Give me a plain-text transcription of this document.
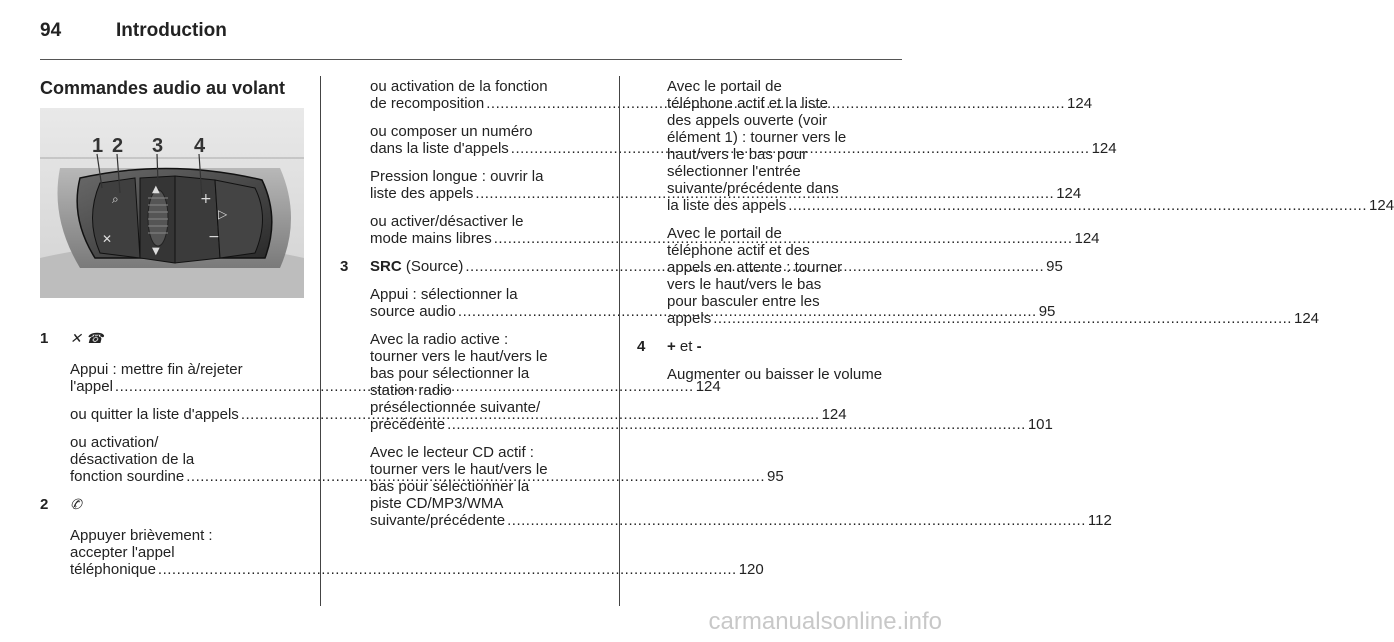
94	Introduction
Commandes audio au volant
⌕
✕
▲
▼
+
−
▷
1 2 3 4
1	✕ ☎
Appui : mettre fin à/rejeter
l'appel .....	124
ou quitter la liste d'appels .....	124
ou activation/
désactivation de la
fonction sourdine .....	95
2	✆
Appuyer brièvement :
accepter l'appel
téléphonique .....	120
ou activation de la fonction
de recomposition .....	124
ou composer un numéro
dans la liste d'appels .....	124
Pression longue : ouvrir la
liste des appels .....	124
ou activer/désactiver le
mode mains libres .....	124
3	SRC (Source) .....	95
Appui : sélectionner la
source audio .....	95
Avec la radio active :
tourner vers le haut/vers le
bas pour sélectionner la
station radio
présélectionnée suivante/
précédente .....	101
Avec le lecteur CD actif :
tourner vers le haut/vers le
bas pour sélectionner la
piste CD/MP3/WMA
suivante/précédente .....	112
Avec le portail de
téléphone actif et la liste
des appels ouverte (voir
élément 1) : tourner vers le
haut/vers le bas pour
sélectionner l'entrée
suivante/précédente dans
la liste des appels .....	124
Avec le portail de
téléphone actif et des
appels en attente : tourner
vers le haut/vers le bas
pour basculer entre les
appels .....	124
4	+ et -
Augmenter ou baisser le volume
carmanualsonline.info
